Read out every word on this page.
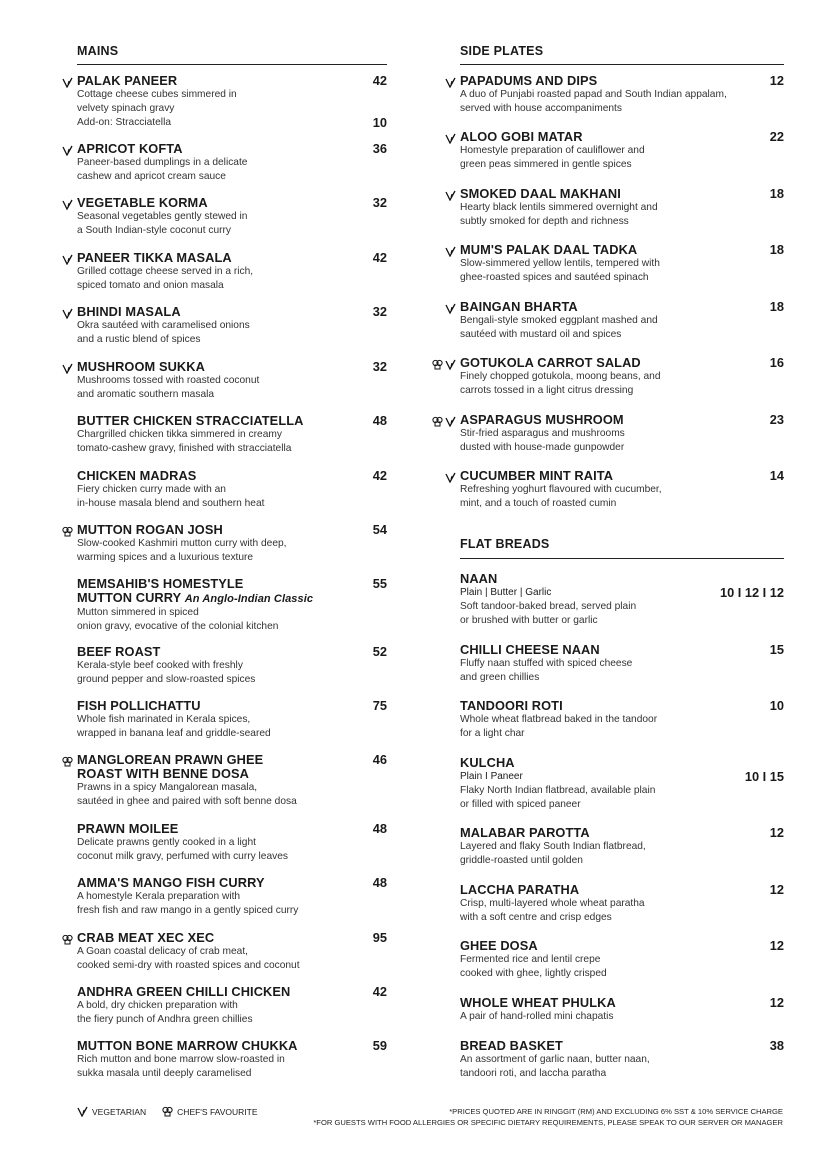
MAINS
PALAK PANEER
Cottage cheese cubes simmered in
velvety spinach gravy
Add-on: Stracciatella
42
10
APRICOT KOFTA
Paneer-based dumplings in a delicate
cashew and apricot cream sauce
36
VEGETABLE KORMA
Seasonal vegetables gently stewed in
a South Indian-style coconut curry
32
PANEER TIKKA MASALA
Grilled cottage cheese served in a rich,
spiced tomato and onion masala
42
BHINDI MASALA
Okra sautéed with caramelised onions
and a rustic blend of spices
32
MUSHROOM SUKKA
Mushrooms tossed with roasted coconut
and aromatic southern masala
32
BUTTER CHICKEN STRACCIATELLA
Chargrilled chicken tikka simmered in creamy
tomato-cashew gravy, finished with stracciatella
48
CHICKEN MADRAS
Fiery chicken curry made with an
in-house masala blend and southern heat
42
MUTTON ROGAN JOSH
Slow-cooked Kashmiri mutton curry with deep,
warming spices and a luxurious texture
54
MEMSAHIB'S HOMESTYLE
MUTTON CURRY An Anglo-Indian Classic
Mutton simmered in spiced
onion gravy, evocative of the colonial kitchen
55
BEEF ROAST
Kerala-style beef cooked with freshly
ground pepper and slow-roasted spices
52
FISH POLLICHATTU
Whole fish marinated in Kerala spices,
wrapped in banana leaf and griddle-seared
75
MANGLOREAN PRAWN GHEE
ROAST WITH BENNE DOSA
Prawns in a spicy Mangalorean masala,
sautéed in ghee and paired with soft benne dosa
46
PRAWN MOILEE
Delicate prawns gently cooked in a light
coconut milk gravy, perfumed with curry leaves
48
AMMA'S MANGO FISH CURRY
A homestyle Kerala preparation with
fresh fish and raw mango in a gently spiced curry
48
CRAB MEAT XEC XEC
A Goan coastal delicacy of crab meat,
cooked semi-dry with roasted spices and coconut
95
ANDHRA GREEN CHILLI CHICKEN
A bold, dry chicken preparation with
the fiery punch of Andhra green chillies
42
MUTTON BONE MARROW CHUKKA
Rich mutton and bone marrow slow-roasted in
sukka masala until deeply caramelised
59
SIDE PLATES
FLAT BREADS
PAPADUMS AND DIPS
A duo of Punjabi roasted papad and South Indian appalam,
served with house accompaniments
12
ALOO GOBI MATAR
Homestyle preparation of cauliflower and
green peas simmered in gentle spices
22
SMOKED DAAL MAKHANI
Hearty black lentils simmered overnight and
subtly smoked for depth and richness
18
MUM'S PALAK DAAL TADKA
Slow-simmered yellow lentils, tempered with
ghee-roasted spices and sautéed spinach
18
BAINGAN BHARTA
Bengali-style smoked eggplant mashed and
sautéed with mustard oil and spices
18
GOTUKOLA CARROT SALAD
Finely chopped gotukola, moong beans, and
carrots tossed in a light citrus dressing
16
ASPARAGUS MUSHROOM
Stir-fried asparagus and mushrooms
dusted with house-made gunpowder
23
CUCUMBER MINT RAITA
Refreshing yoghurt flavoured with cucumber,
mint, and a touch of roasted cumin
14
NAAN
Plain | Butter | Garlic
Soft tandoor-baked bread, served plain
or brushed with butter or garlic
10 I 12 I 12
CHILLI CHEESE NAAN
Fluffy naan stuffed with spiced cheese
and green chillies
15
TANDOORI ROTI
Whole wheat flatbread baked in the tandoor
for a light char
10
KULCHA
Plain I Paneer
Flaky North Indian flatbread, available plain
or filled with spiced paneer
10 I 15
MALABAR PAROTTA
Layered and flaky South Indian flatbread,
griddle-roasted until golden
12
LACCHA PARATHA
Crisp, multi-layered whole wheat paratha
with a soft centre and crisp edges
12
GHEE DOSA
Fermented rice and lentil crepe
cooked with ghee, lightly crisped
12
WHOLE WHEAT PHULKA
A pair of hand-rolled mini chapatis
12
BREAD BASKET
An assortment of garlic naan, butter naan,
tandoori roti, and laccha paratha
38
VEGETARIAN	CHEF'S FAVOURITE	*PRICES QUOTED ARE IN RINGGIT (RM) AND EXCLUDING 6% SST & 10% SERVICE CHARGE
*FOR GUESTS WITH FOOD ALLERGIES OR SPECIFIC DIETARY REQUIREMENTS, PLEASE SPEAK TO OUR SERVER OR MANAGER
